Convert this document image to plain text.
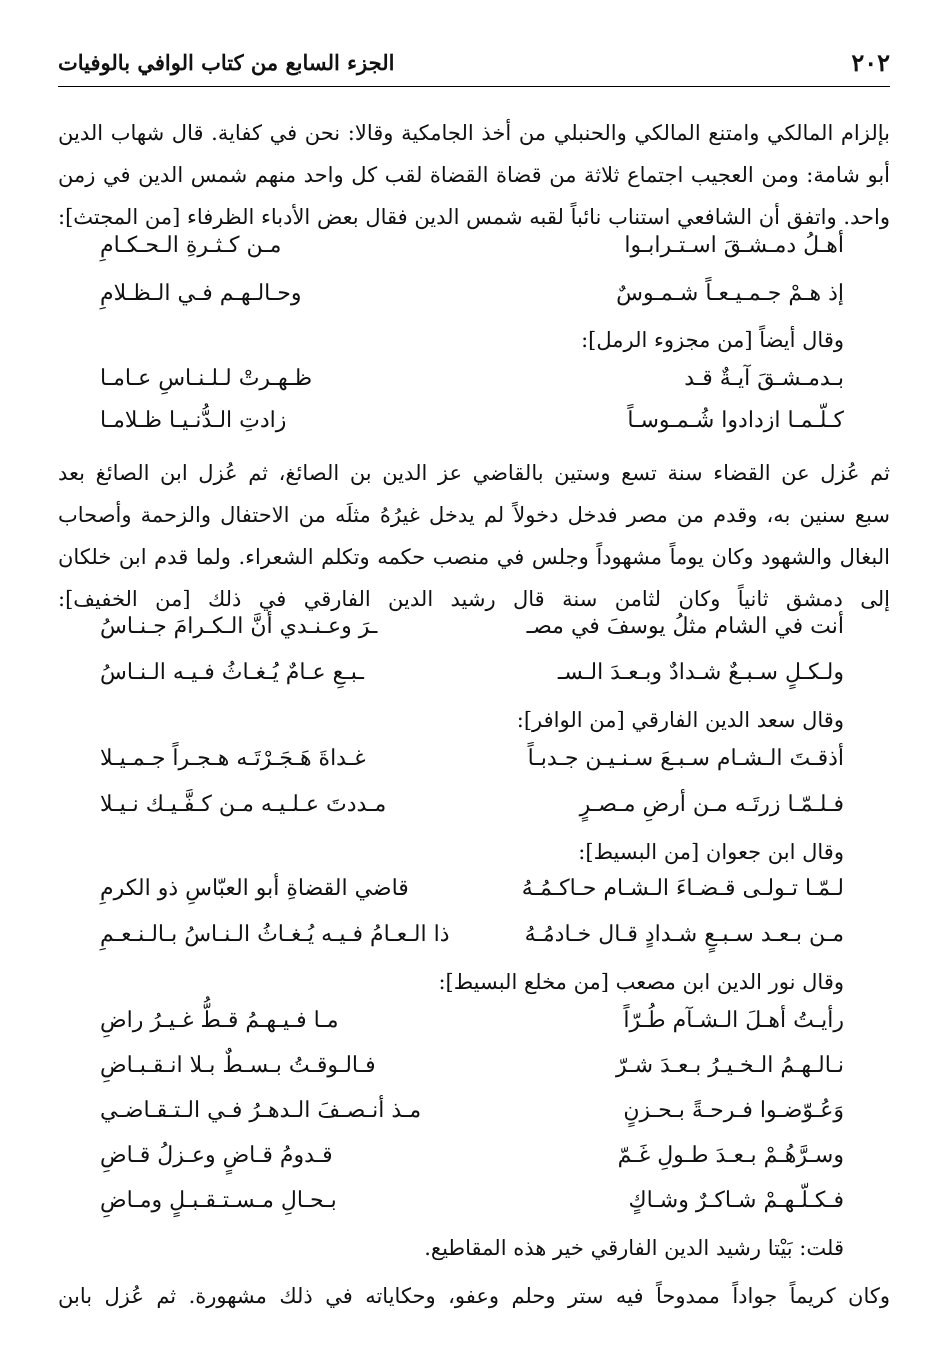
٢٠٢
الجزء السابع من كتاب الوافي بالوفيات
بإلزام المالكي وامتنع المالكي والحنبلي من أخذ الجامكية وقالا: نحن في كفاية. قال شهاب الدين
أبو شامة: ومن العجيب اجتماع ثلاثة من قضاة القضاة لقب كل واحد منهم شمس الدين في زمن
واحد. واتفق أن الشافعي استناب نائباً لقبه شمس الدين فقال بعض الأدباء الظرفاء [من المجتث]:
أهـلُ دمـشـقَ اسـتـرابـوا
مـن كـثـرةِ الـحـكـامِ
إذ هـمْ جـمـيـعـاً شـمـوسٌ
وحـالـهـم فـي الـظـلامِ
وقال أيضاً [من مجزوء الرمل]:
بـدمـشـقَ آيـةٌ قـد
ظـهـرتْ لـلـنـاسِ عـامـا
كـلّـمـا ازدادوا شُـمـوسـاً
زادتِ الـدُّنـيـا ظـلامـا
ثم عُزل عن القضاء سنة تسع وستين بالقاضي عز الدين بن الصائغ، ثم عُزل ابن الصائغ بعد
سبع سنين به، وقدم من مصر فدخل دخولاً لم يدخل غيرُهُ مثلَه من الاحتفال والزحمة وأصحاب
البغال والشهود وكان يوماً مشهوداً وجلس في منصب حكمه وتكلم الشعراء. ولما قدم ابن خلكان
إلى دمشق ثانياً وكان لثامن سنة قال رشيد الدين الفارقي في ذلك [من الخفيف]:
أنت في الشام مثلُ يوسفَ في مصـ
ـرَ وعـنـدي أنَّ الـكـرامَ جـنـاسُ
ولـكـلٍ سـبـعٌ شـدادٌ وبـعـدَ الـسـ
ـبـعِ عـامٌ يُـغـاثُ فـيـه الـنـاسُ
وقال سعد الدين الفارقي [من الوافر]:
أذقـتَ الـشـام سـبـعَ سـنـيـن جـدبـاً
غـداةَ هَـجَـرْتَـه هـجـراً جـمـيـلا
فـلـمّـا زرتَـه مـن أرضِ مـصـرٍ
مـددتَ عـلـيـه مـن كـفَّـيـك نـيـلا
وقال ابن جعوان [من البسيط]:
لـمّـا تـولـى قـضـاءَ الـشـام حـاكـمُـهُ
قاضي القضاةِ أبو العبّاسِ ذو الكرمِ
مـن بـعـد سـبـعٍ شـدادٍ قـال خـادمُـهُ
ذا الـعـامُ فـيـه يُـغـاثُ الـنـاسُ بـالـنـعـمِ
وقال نور الدين ابن مصعب [من مخلع البسيط]:
رأيـتُ أهـلَ الـشـآم طُـرّاً
مـا فـيـهـمُ قـطُّ غـيـرُ راضِ
نـالـهـمُ الـخـيـرُ بـعـدَ شـرّ
فـالـوقـتُ بـسـطٌ بـلا انـقـبـاضِ
وَعُـوّضـوا فـرحـةً بـحـزنٍ
مـذ أنـصـفَ الـدهـرُ فـي الـتـقـاضـي
وسـرَّهُـمْ بـعـدَ طـولِ غَـمّ
قـدومُ قـاضٍ وعـزلُ قـاضِ
فـكـلّـهـمْ شـاكـرٌ وشـاكٍ
بـحـالِ مـسـتـقـبـلٍ ومـاضِ
قلت: بَيْتا رشيد الدين الفارقي خير هذه المقاطيع.
وكان كريماً جواداً ممدوحاً فيه ستر وحلم وعفو، وحكاياته في ذلك مشهورة. ثم عُزل بابن
